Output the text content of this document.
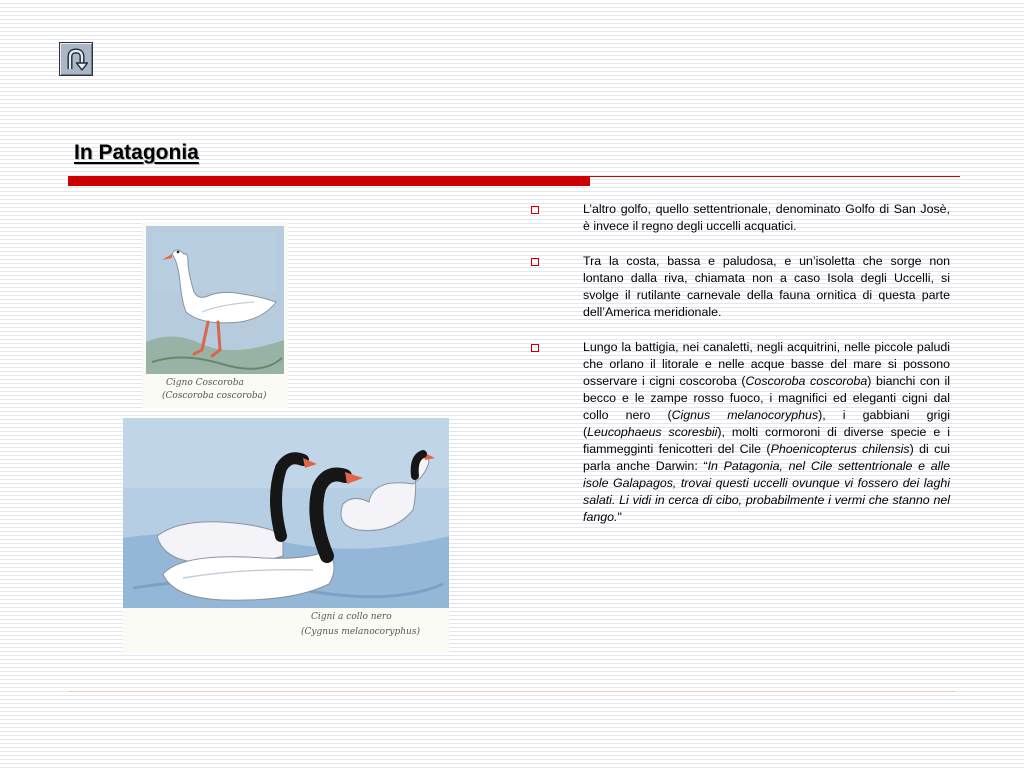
In Patagonia
Cigno Coscoroba
(Coscoroba coscoroba)
Cigni a collo nero
(Cygnus melanocoryphus)
L’altro golfo, quello settentrionale, denominato Golfo di San Josè, è invece il regno degli uccelli acquatici.
Tra la costa, bassa e paludosa, e un’isoletta che sorge non lontano dalla riva, chiamata non a caso Isola degli Uccelli, si svolge il rutilante carnevale della fauna ornitica di questa parte dell’America meridionale.
Lungo la battigia, nei canaletti, negli acquitrini, nelle piccole paludi che orlano il litorale e nelle acque basse del mare si possono osservare i cigni coscoroba (Coscoroba coscoroba) bianchi con il becco e le zampe rosso fuoco, i magnifici ed eleganti cigni dal collo nero (Cignus melanocoryphus), i gabbiani grigi (Leucophaeus scoresbii), molti cormoroni di diverse specie e i fiammegginti fenicotteri del Cile (Phoenicopterus chilensis) di cui parla anche Darwin: “In Patagonia, nel Cile settentrionale e alle isole Galapagos, trovai questi uccelli ovunque vi fossero dei laghi salati. Li vidi in cerca di cibo, probabilmente i vermi che stanno nel fango."
